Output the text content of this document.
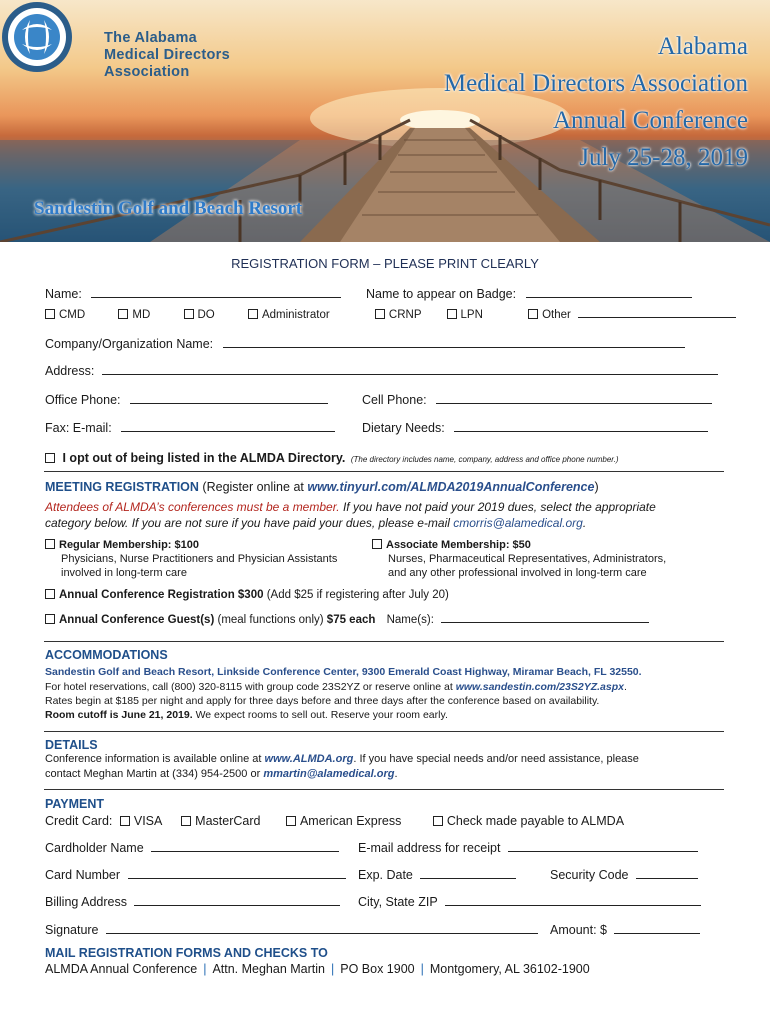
The Alabama
Medical Directors
Association
Alabama
Medical Directors Association
Annual Conference
July 25-28, 2019
Sandestin Golf and Beach Resort
REGISTRATION FORM – PLEASE PRINT CLEARLY
Name:	Name to appear on Badge:
CMD	MD	DO	Administrator	CRNP	LPN	Other
Company/Organization Name:
Address:
Office Phone:	Cell Phone:
Fax: E-mail:	Dietary Needs:
I opt out of being listed in the ALMDA Directory. (The directory includes name, company, address and office phone number.)
MEETING REGISTRATION (Register online at www.tinyurl.com/ALMDA2019AnnualConference)
Attendees of ALMDA’s conferences must be a member. If you have not paid your 2019 dues, select the appropriate
category below. If you are not sure if you have paid your dues, please e-mail cmorris@alamedical.org.
Regular Membership: $100
Physicians, Nurse Practitioners and Physician Assistants
involved in long-term care
Associate Membership: $50
Nurses, Pharmaceutical Representatives, Administrators,
and any other professional involved in long-term care
Annual Conference Registration $300 (Add $25 if registering after July 20)
Annual Conference Guest(s) (meal functions only) $75 each Name(s):
ACCOMMODATIONS
Sandestin Golf and Beach Resort, Linkside Conference Center, 9300 Emerald Coast Highway, Miramar Beach, FL 32550.
For hotel reservations, call (800) 320-8115 with group code 23S2YZ or reserve online at www.sandestin.com/23S2YZ.aspx.
Rates begin at $185 per night and apply for three days before and three days after the conference based on availability.
Room cutoff is June 21, 2019. We expect rooms to sell out. Reserve your room early.
DETAILS
Conference information is available online at www.ALMDA.org. If you have special needs and/or need assistance, please
contact Meghan Martin at (334) 954-2500 or mmartin@alamedical.org.
PAYMENT
Credit Card: VISA	MasterCard	American Express	Check made payable to ALMDA
Cardholder Name	E-mail address for receipt
Card Number	Exp. Date	Security Code
Billing Address	City, State ZIP
Signature	Amount: $
MAIL REGISTRATION FORMS AND CHECKS TO
ALMDA Annual Conference | Attn. Meghan Martin | PO Box 1900 | Montgomery, AL 36102-1900
